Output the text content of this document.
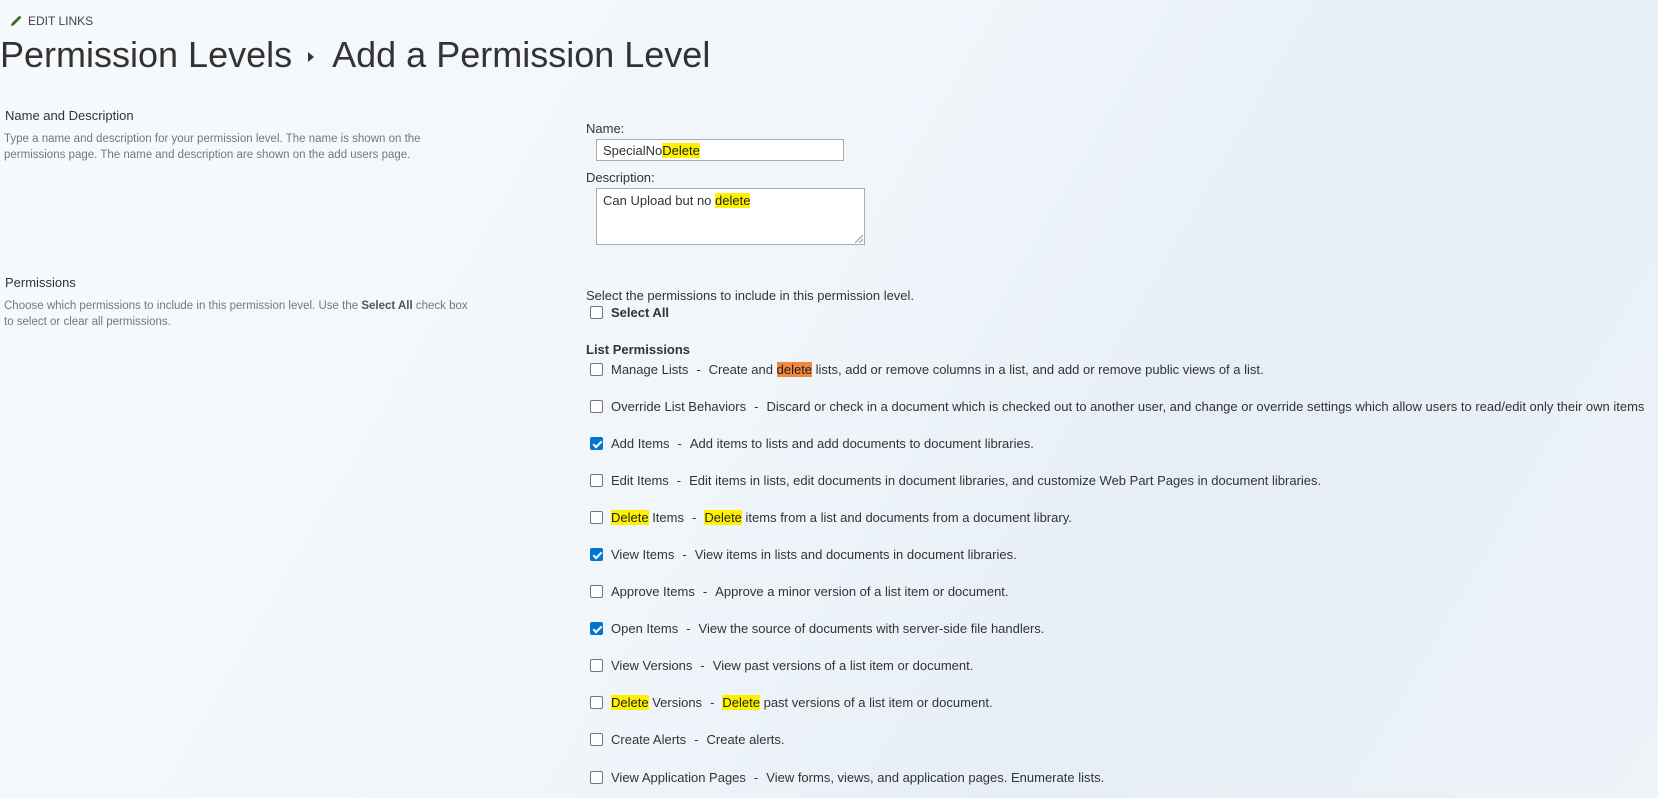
EDIT LINKS
Permission Levels Add a Permission Level
Name and Description
Type a name and description for your permission level. The name is shown on the permissions page. The name and description are shown on the add users page.
Name:
SpecialNoDelete
Description:
Can Upload but no delete
Permissions
Choose which permissions to include in this permission level. Use the Select All check box to select or clear all permissions.
Select the permissions to include in this permission level.
Select All
List Permissions
Manage Lists - Create and delete lists, add or remove columns in a list, and add or remove public views of a list.
Override List Behaviors - Discard or check in a document which is checked out to another user, and change or override settings which allow users to read/edit only their own items
Add Items - Add items to lists and add documents to document libraries.
Edit Items - Edit items in lists, edit documents in document libraries, and customize Web Part Pages in document libraries.
Delete Items - Delete items from a list and documents from a document library.
View Items - View items in lists and documents in document libraries.
Approve Items - Approve a minor version of a list item or document.
Open Items - View the source of documents with server-side file handlers.
View Versions - View past versions of a list item or document.
Delete Versions - Delete past versions of a list item or document.
Create Alerts - Create alerts.
View Application Pages - View forms, views, and application pages. Enumerate lists.
